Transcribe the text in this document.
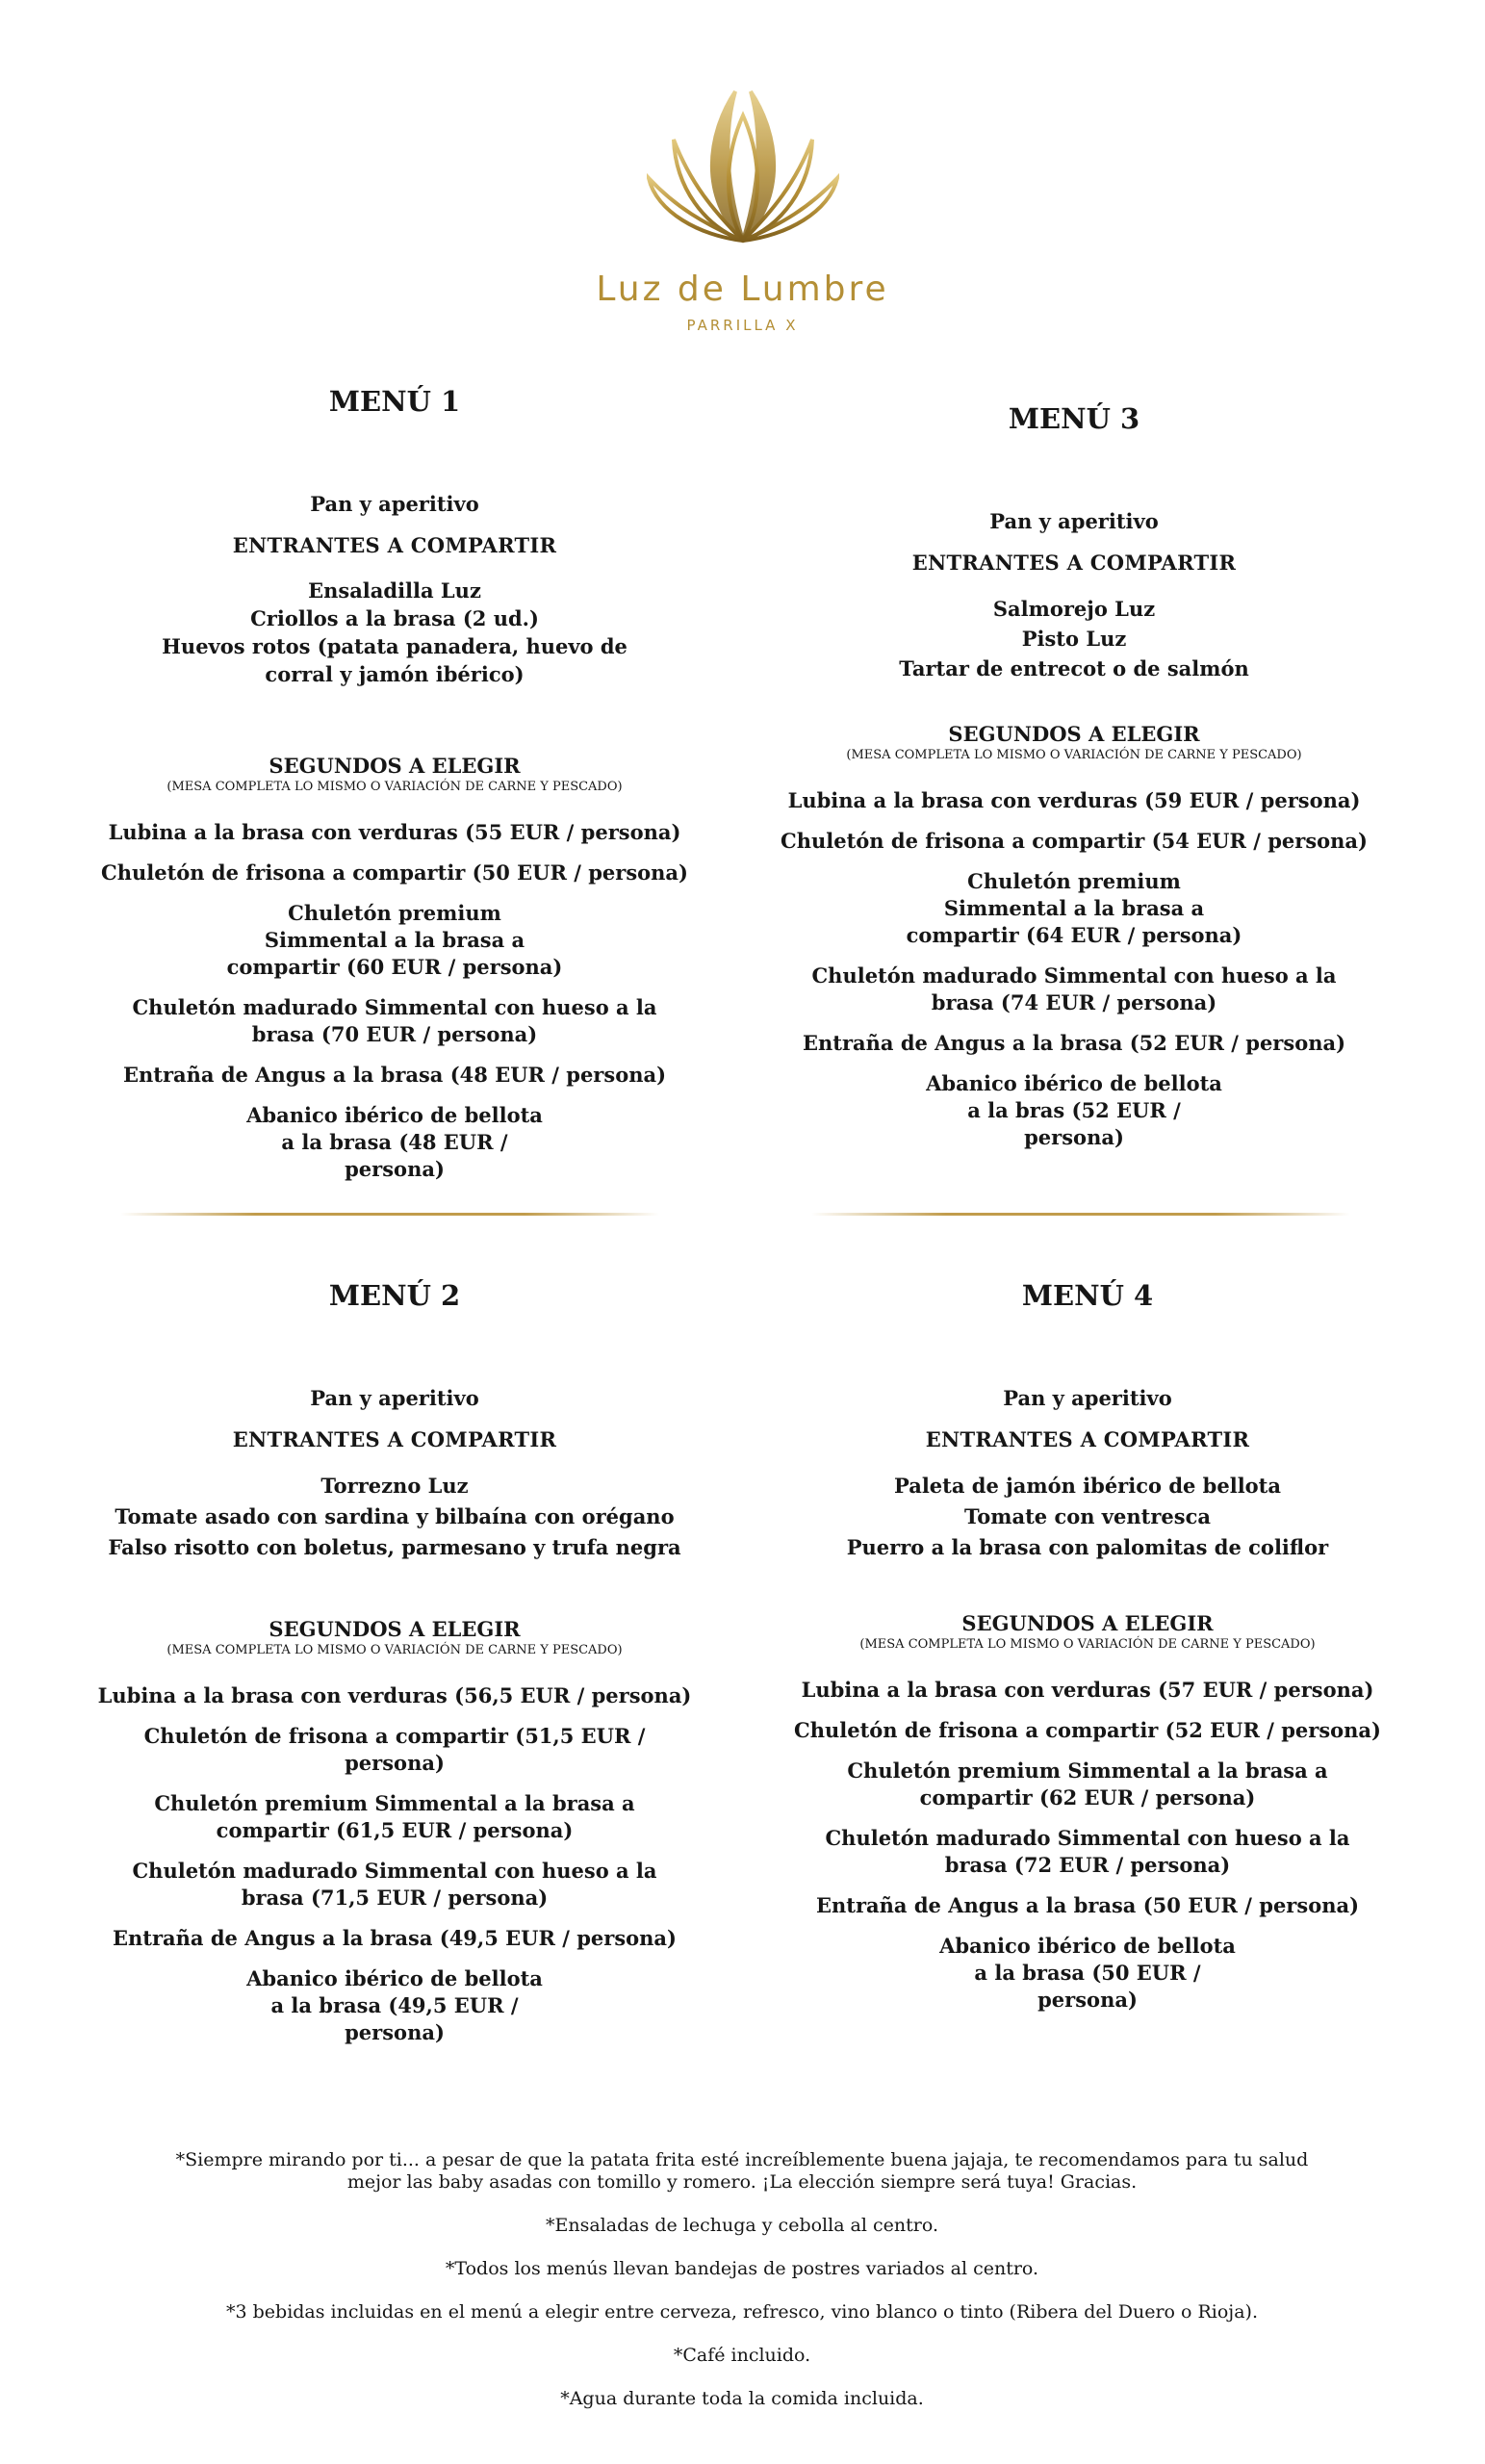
Luz de Lumbre
PARRILLA X
MENÚ 1

Pan y aperitivo

ENTRANTES A COMPARTIR

Ensaladilla Luz
Criollos a la brasa (2 ud.)
Huevos rotos (patata panadera, huevo de corral y jamón ibérico)

SEGUNDOS A ELEGIR

(MESA COMPLETA LO MISMO O VARIACIÓN DE CARNE Y PESCADO)

Lubina a la brasa con verduras (55 EUR / persona)
Chuletón de frisona a compartir (50 EUR / persona)
Chuletón premium Simmental a la brasa a compartir (60 EUR / persona)
Chuletón madurado Simmental con hueso a la brasa (70 EUR / persona)
Entraña de Angus a la brasa (48 EUR / persona)
Abanico ibérico de bellota a la brasa (48 EUR / persona)
MENÚ 3

Pan y aperitivo

ENTRANTES A COMPARTIR

Salmorejo Luz
Pisto Luz
Tartar de entrecot o de salmón

SEGUNDOS A ELEGIR

(MESA COMPLETA LO MISMO O VARIACIÓN DE CARNE Y PESCADO)

Lubina a la brasa con verduras (59 EUR / persona)
Chuletón de frisona a compartir (54 EUR / persona)
Chuletón premium Simmental a la brasa a compartir (64 EUR / persona)
Chuletón madurado Simmental con hueso a la brasa (74 EUR / persona)
Entraña de Angus a la brasa (52 EUR / persona)
Abanico ibérico de bellota a la bras (52 EUR / persona)
MENÚ 2

Pan y aperitivo

ENTRANTES A COMPARTIR

Torrezno Luz
Tomate asado con sardina y bilbaína con orégano
Falso risotto con boletus, parmesano y trufa negra

SEGUNDOS A ELEGIR

(MESA COMPLETA LO MISMO O VARIACIÓN DE CARNE Y PESCADO)

Lubina a la brasa con verduras (56,5 EUR / persona)
Chuletón de frisona a compartir (51,5 EUR / persona)
Chuletón premium Simmental a la brasa a compartir (61,5 EUR / persona)
Chuletón madurado Simmental con hueso a la brasa (71,5 EUR / persona)
Entraña de Angus a la brasa (49,5 EUR / persona)
Abanico ibérico de bellota a la brasa (49,5 EUR / persona)
MENÚ 4

Pan y aperitivo

ENTRANTES A COMPARTIR

Paleta de jamón ibérico de bellota
Tomate con ventresca
Puerro a la brasa con palomitas de coliflor

SEGUNDOS A ELEGIR

(MESA COMPLETA LO MISMO O VARIACIÓN DE CARNE Y PESCADO)

Lubina a la brasa con verduras (57 EUR / persona)
Chuletón de frisona a compartir (52 EUR / persona)
Chuletón premium Simmental a la brasa a compartir (62 EUR / persona)
Chuletón madurado Simmental con hueso a la brasa (72 EUR / persona)
Entraña de Angus a la brasa (50 EUR / persona)
Abanico ibérico de bellota a la brasa (50 EUR / persona)

*Siempre mirando por ti... a pesar de que la patata frita esté increíblemente buena jajaja, te recomendamos para tu salud mejor las baby asadas con tomillo y romero. ¡La elección siempre será tuya! Gracias.

*Ensaladas de lechuga y cebolla al centro.

*Todos los menús llevan bandejas de postres variados al centro.

*3 bebidas incluidas en el menú a elegir entre cerveza, refresco, vino blanco o tinto (Ribera del Duero o Rioja).

*Café incluido.

*Agua durante toda la comida incluida.
